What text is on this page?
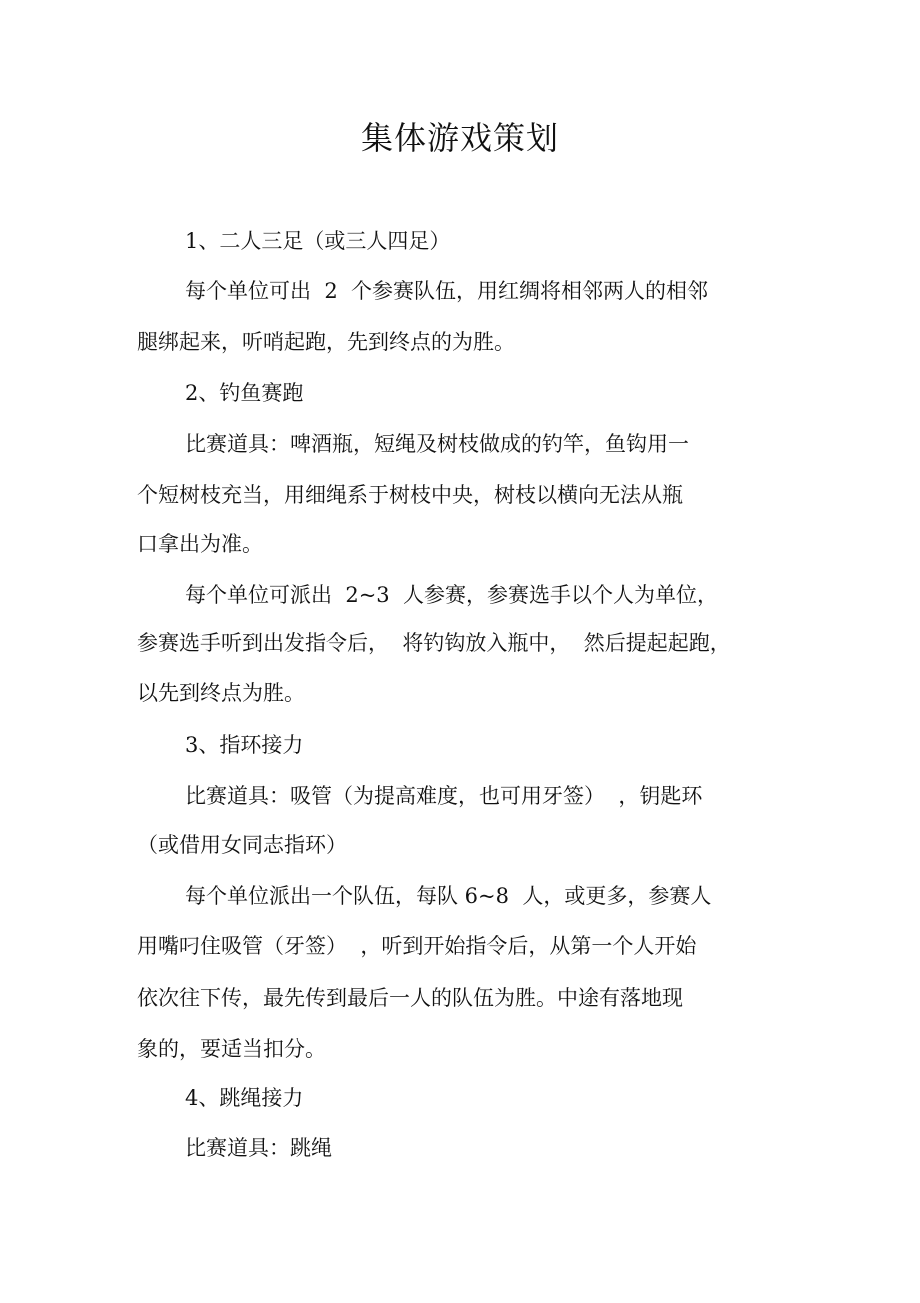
集体游戏策划
1、二人三足（或三人四足）
每个单位可出  2  个参赛队伍，用红绸将相邻两人的相邻
腿绑起来，听哨起跑，先到终点的为胜。
2、钓鱼赛跑
比赛道具：啤酒瓶，短绳及树枝做成的钓竿，鱼钩用一
个短树枝充当，用细绳系于树枝中央，树枝以横向无法从瓶
口拿出为准。
每个单位可派出  2~3  人参赛，参赛选手以个人为单位，
参赛选手听到出发指令后，  将钓钩放入瓶中，  然后提起起跑，
以先到终点为胜。
3、指环接力
比赛道具：吸管（为提高难度，也可用牙签）  ，钥匙环
（或借用女同志指环）
每个单位派出一个队伍，每队 6~8  人，或更多，参赛人
用嘴叼住吸管（牙签）  ，听到开始指令后，从第一个人开始
依次往下传，最先传到最后一人的队伍为胜。中途有落地现
象的，要适当扣分。
4、跳绳接力
比赛道具：跳绳
